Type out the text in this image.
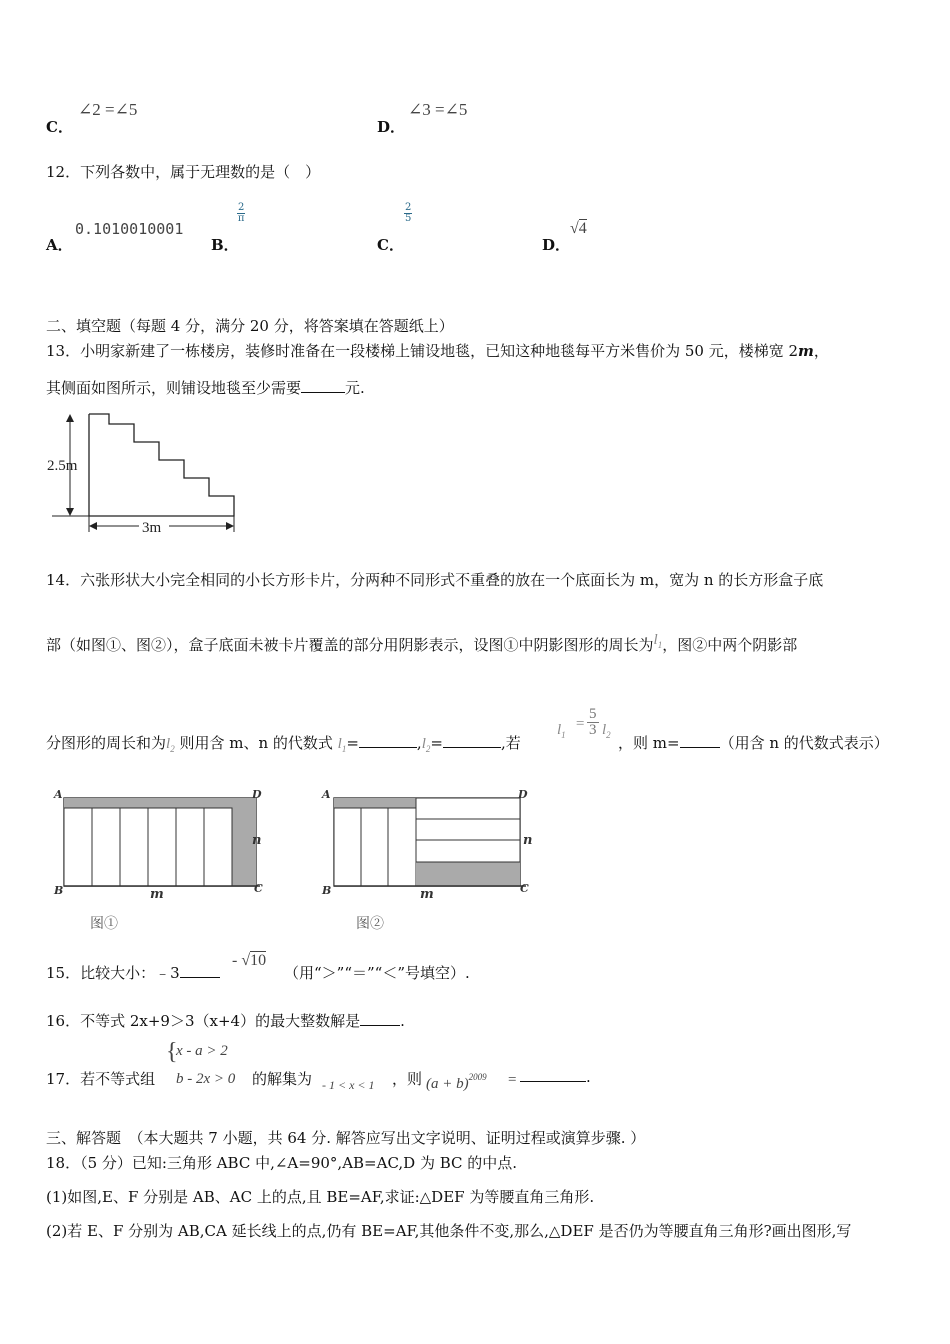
C．
∠2 =∠5
D．
∠3 =∠5
12．下列各数中，属于无理数的是（　）
A．
0.1010010001
B．
$\frac{2}{\pi}$
C．
$\frac{2}{5}$
D．
√4
二、填空题（每题 4 分，满分 20 分，将答案填在答题纸上）
13．小明家新建了一栋楼房，装修时准备在一段楼梯上铺设地毯，已知这种地毯每平方米售价为 50 元，楼梯宽 2m，
其侧面如图所示，则铺设地毯至少需要	元.
2.5m
3m
14．六张形状大小完全相同的小长方形卡片，分两种不同形式不重叠的放在一个底面长为 m，宽为 n 的长方形盒子底
部（如图①、图②），盒子底面未被卡片覆盖的部分用阴影表示，设图①中阴影图形的周长为$l_1$，图②中两个阴影部
分图形的周长和为$l_2$ 则用含 m、n 的代数式 $l_1=$	$,l_2=$	,若
$l_1$
= $\frac{5}{3} l_2$ ，则 m=	（用含 n 的代数式表示）
A	D
B	C
n
m
图①
A	D
B	C
n
m
图②
15．比较大小：﹣3
- √10
（用“＞”“＝”“＜”号填空）.
16．不等式 2x+9＞3（x+4）的最大整数解是	.
17．若不等式组
{
x - a > 2
b - 2x > 0 的解集为 - 1 < x < 1 ，则 $(a + b)^{2009}$ =	.
三、解答题　（本大题共 7 小题，共 64 分. 解答应写出文字说明、证明过程或演算步骤. ）
18．（5 分）已知:三角形 ABC 中,∠A=90°,AB=AC,D 为 BC 的中点.
(1)如图,E、F 分别是 AB、AC 上的点,且 BE=AF,求证:△DEF 为等腰直角三角形.
(2)若 E、F 分别为 AB,CA 延长线上的点,仍有 BE=AF,其他条件不变,那么,△DEF 是否仍为等腰直角三角形?画出图形,写
